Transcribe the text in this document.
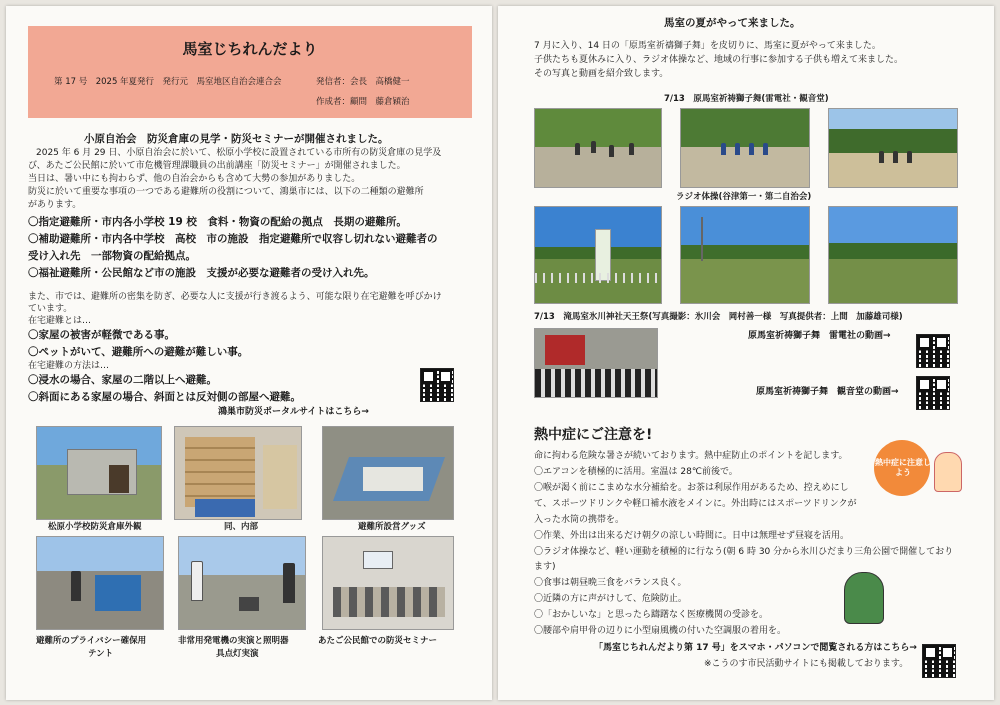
馬室じちれんだより
第 17 号　2025 年夏発行　発行元　馬室地区自治会連合会	発信者：会長　高橋健一
作成者：顧問　藤倉穎治
小原自治会　防災倉庫の見学・防災セミナーが開催されました。
2025 年 6 月 29 日、小原自治会に於いて、松原小学校に設置されている市所有の防災倉庫の見学及
び、あたご公民館に於いて市危機管理課職員の出前講座「防災セミナー」が開催されました。
当日は、暑い中にも拘わらず、他の自治会からも含めて大勢の参加がありました。
防災に於いて重要な事項の一つである避難所の役割について、鴻巣市には、以下の二種類の避難所
があります。
〇指定避難所・市内各小学校 19 校　食料・物資の配給の拠点　長期の避難所。
〇補助避難所・市内各中学校　高校　市の施設　指定避難所で収容し切れない避難者の
受け入れ先　一部物資の配給拠点。
〇福祉避難所・公民館など市の施設　支援が必要な避難者の受け入れ先。
また、市では、避難所の密集を防ぎ、必要な人に支援が行き渡るよう、可能な限り在宅避難を呼びかけ
ています。
在宅避難とは…
〇家屋の被害が軽微である事。
〇ペットがいて、避難所への避難が難しい事。
在宅避難の方法は…
〇浸水の場合、家屋の二階以上へ避難。
〇斜面にある家屋の場合、斜面とは反対側の部屋へ避難。
鴻巣市防災ポータルサイトはこちら→
松原小学校防災倉庫外観	同、内部	避難所設営グッズ
避難所のプライバシー確保用
テント
非常用発電機の実演と照明器
具点灯実演
あたご公民館での防災セミナー
馬室の夏がやって来ました。
7 月に入り、14 日の「原馬室祈禱獅子舞」を皮切りに、馬室に夏がやって来ました。
子供たちも夏休みに入り、ラジオ体操など、地域の行事に参加する子供も増えて来ました。
その写真と動画を紹介致します。
7/13　原馬室祈祷獅子舞(雷電社・観音堂)
ラジオ体操(谷津第一・第二自治会)
7/13　滝馬室氷川神社天王祭(写真撮影：氷川会　岡村善一様　写真提供者：上間　加藤雄司様)
原馬室祈祷獅子舞　雷電社の動画→
原馬室祈祷獅子舞　観音堂の動画→
熱中症にご注意を!
熱中症に注意しよう
命に拘わる危険な暑さが続いております。熱中症防止のポイントを記します。
〇エアコンを積極的に活用。室温は 28℃前後で。
〇喉が渇く前にこまめな水分補給を。お茶は利尿作用があるため、控えめにし
て、スポーツドリンクや軽口補水液をメインに。外出時にはスポーツドリンクが
入った水筒の携帯を。
〇作業、外出は出来るだけ朝夕の涼しい時間に。日中は無理せず昼寝を活用。
〇ラジオ体操など、軽い運動を積極的に行なう(朝 6 時 30 分から氷川ひだまり三角公園で開催しており
ます)
〇食事は朝昼晩三食をバランス良く。
〇近隣の方に声がけして、危険防止。
〇「おかしいな」と思ったら躊躇なく医療機関の受診を。
〇腰部や肩甲骨の辺りに小型扇風機の付いた空調服の着用を。
「馬室じちれんだより第 17 号」をスマホ・パソコンで閲覧される方はこちら→
※こうのす市民活動サイトにも掲載しております。
